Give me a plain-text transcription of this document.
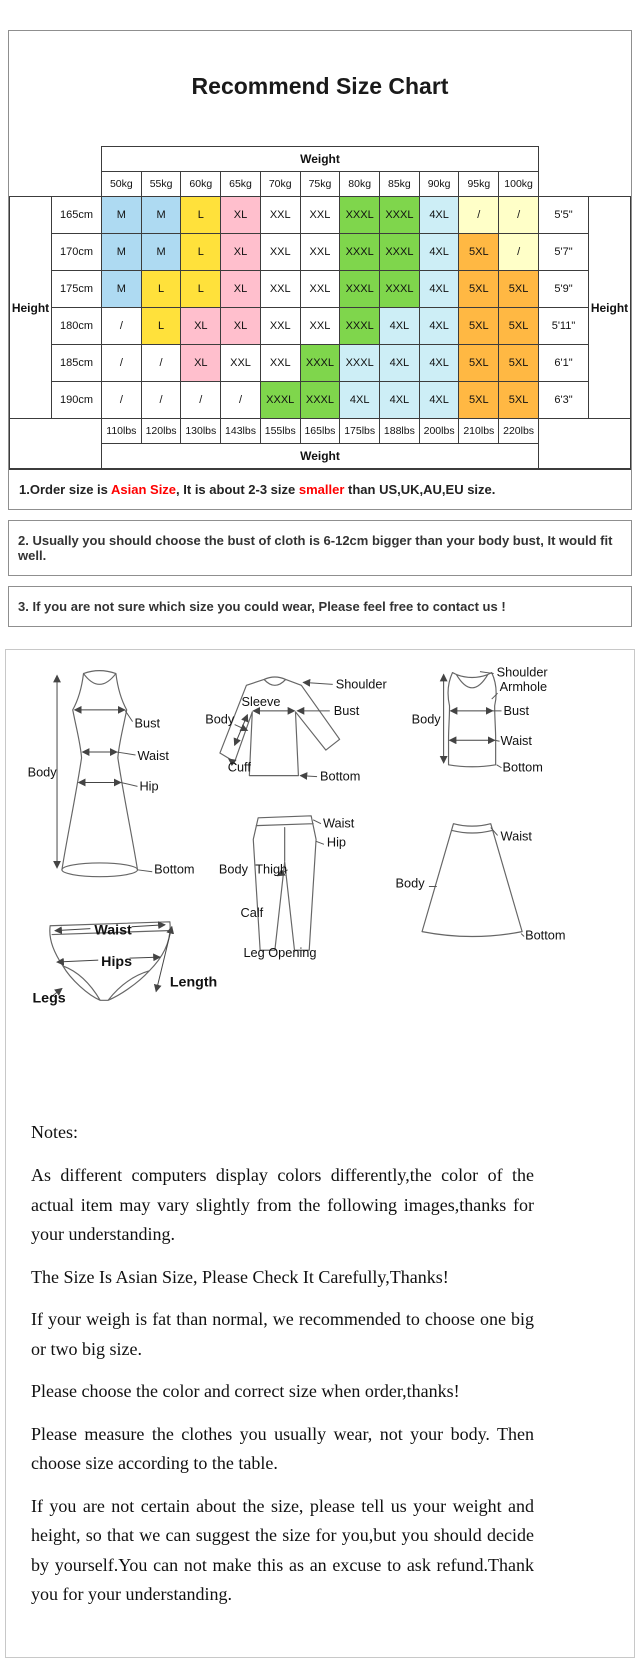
Recommend Size Chart
		Weight												
		50kg	55kg	60kg	65kg	70kg	75kg	80kg	85kg	90kg	95kg	100kg		
Height	165cm	M	M	L	XL	XXL	XXL	XXXL	XXXL	4XL	/	/	5'5"	Height
	170cm	M	M	L	XL	XXL	XXL	XXXL	XXXL	4XL	5XL	/	5'7"	
	175cm	M	L	L	XL	XXL	XXL	XXXL	XXXL	4XL	5XL	5XL	5'9"	
	180cm	/	L	XL	XL	XXL	XXL	XXXL	4XL	4XL	5XL	5XL	5'11"	
	185cm	/	/	XL	XXL	XXL	XXXL	XXXL	4XL	4XL	5XL	5XL	6'1"	
	190cm	/	/	/	/	XXXL	XXXL	4XL	4XL	4XL	5XL	5XL	6'3"	
		110lbs	120lbs	130lbs	143lbs	155lbs	165lbs	175lbs	188lbs	200lbs	210lbs	220lbs		
		Weight												
1.Order size is Asian Size, It is about 2-3 size smaller than US,UK,AU,EU size.
2. Usually you should choose the bust of cloth is 6-12cm bigger than your body bust, It would fit well.
3. If you are not sure which size you could wear, Please feel free to contact us !
Bust
Waist
Hip
Body
Bottom
Shoulder
Sleeve
Body
Bust
Cuff
Bottom
Shoulder
Armhole
Body
Bust
Waist
Bottom
Waist
Hip
Body Thigh
Calf
Leg Opening
Waist
Body
Bottom
Waist
Hips
Legs
Length

Notes:

As different computers display colors differently,the color of the actual item may vary slightly from the following images,thanks for your understanding.

The Size Is Asian Size, Please Check It Carefully,Thanks!

If your weigh is fat than normal, we recommended to choose one big or two big size.

Please choose the color and correct size when order,thanks!

Please measure the clothes you usually wear, not your body. Then choose size according to the table.

If you are not certain about the size, please tell us your weight and height, so that we can suggest the size for you,but you should decide by yourself.You can not make this as an excuse to ask refund.Thank you for your understanding.
